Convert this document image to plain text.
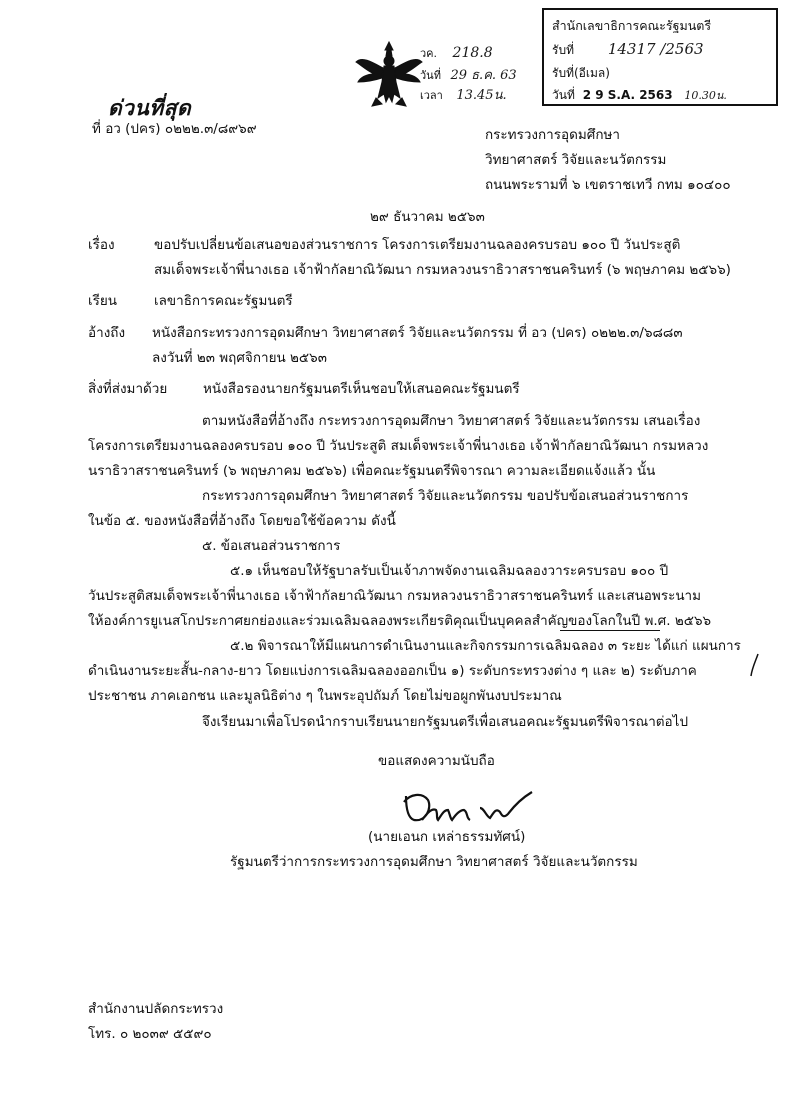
วค. 218.8
วันที่ 29 ธ.ค. 63
เวลา 13.45น.
สำนักเลขาธิการคณะรัฐมนตรี
รับที่ 14317 /2563
รับที่(อีเมล)
วันที่ 2 9 S.A. 2563 10.30น.
ด่วนที่สุด
ที่ อว (ปคร) ๐๒๒๒.๓/๘๙๖๙	กระทรวงการอุดมศึกษา
วิทยาศาสตร์ วิจัยและนวัตกรรม
ถนนพระรามที่ ๖ เขตราชเทวี กทม ๑๐๔๐๐
๒๙ ธันวาคม ๒๕๖๓
เรื่อง	ขอปรับเปลี่ยนข้อเสนอของส่วนราชการ โครงการเตรียมงานฉลองครบรอบ ๑๐๐ ปี วันประสูติ
สมเด็จพระเจ้าพี่นางเธอ เจ้าฟ้ากัลยาณิวัฒนา กรมหลวงนราธิวาสราชนครินทร์ (๖ พฤษภาคม ๒๕๖๖)
เรียน	เลขาธิการคณะรัฐมนตรี
อ้างถึง หนังสือกระทรวงการอุดมศึกษา วิทยาศาสตร์ วิจัยและนวัตกรรม ที่ อว (ปคร) ๐๒๒๒.๓/๖๘๘๓
ลงวันที่ ๒๓ พฤศจิกายน ๒๕๖๓
สิ่งที่ส่งมาด้วย	หนังสือรองนายกรัฐมนตรีเห็นชอบให้เสนอคณะรัฐมนตรี
ตามหนังสือที่อ้างถึง กระทรวงการอุดมศึกษา วิทยาศาสตร์ วิจัยและนวัตกรรม เสนอเรื่อง
โครงการเตรียมงานฉลองครบรอบ ๑๐๐ ปี วันประสูติ สมเด็จพระเจ้าพี่นางเธอ เจ้าฟ้ากัลยาณิวัฒนา กรมหลวง
นราธิวาสราชนครินทร์ (๖ พฤษภาคม ๒๕๖๖) เพื่อคณะรัฐมนตรีพิจารณา ความละเอียดแจ้งแล้ว นั้น
กระทรวงการอุดมศึกษา วิทยาศาสตร์ วิจัยและนวัตกรรม ขอปรับข้อเสนอส่วนราชการ
ในข้อ ๕. ของหนังสือที่อ้างถึง โดยขอใช้ข้อความ ดังนี้
๕. ข้อเสนอส่วนราชการ
๕.๑ เห็นชอบให้รัฐบาลรับเป็นเจ้าภาพจัดงานเฉลิมฉลองวาระครบรอบ ๑๐๐ ปี
วันประสูติสมเด็จพระเจ้าพี่นางเธอ เจ้าฟ้ากัลยาณิวัฒนา กรมหลวงนราธิวาสราชนครินทร์ และเสนอพระนาม
ให้องค์การยูเนสโกประกาศยกย่องและร่วมเฉลิมฉลองพระเกียรติคุณเป็นบุคคลสำคัญของโลกในปี พ.ศ. ๒๕๖๖
๕.๒ พิจารณาให้มีแผนการดำเนินงานและกิจกรรมการเฉลิมฉลอง ๓ ระยะ ได้แก่ แผนการ
ดำเนินงานระยะสั้น-กลาง-ยาว โดยแบ่งการเฉลิมฉลองออกเป็น ๑) ระดับกระทรวงต่าง ๆ และ ๒) ระดับภาค
ประชาชน ภาคเอกชน และมูลนิธิต่าง ๆ ในพระอุปถัมภ์ โดยไม่ขอผูกพันงบประมาณ
จึงเรียนมาเพื่อโปรดนำกราบเรียนนายกรัฐมนตรีเพื่อเสนอคณะรัฐมนตรีพิจารณาต่อไป
ขอแสดงความนับถือ
(นายเอนก เหล่าธรรมทัศน์)
รัฐมนตรีว่าการกระทรวงการอุดมศึกษา วิทยาศาสตร์ วิจัยและนวัตกรรม
สำนักงานปลัดกระทรวง
โทร. ๐ ๒๐๓๙ ๕๕๙๐
